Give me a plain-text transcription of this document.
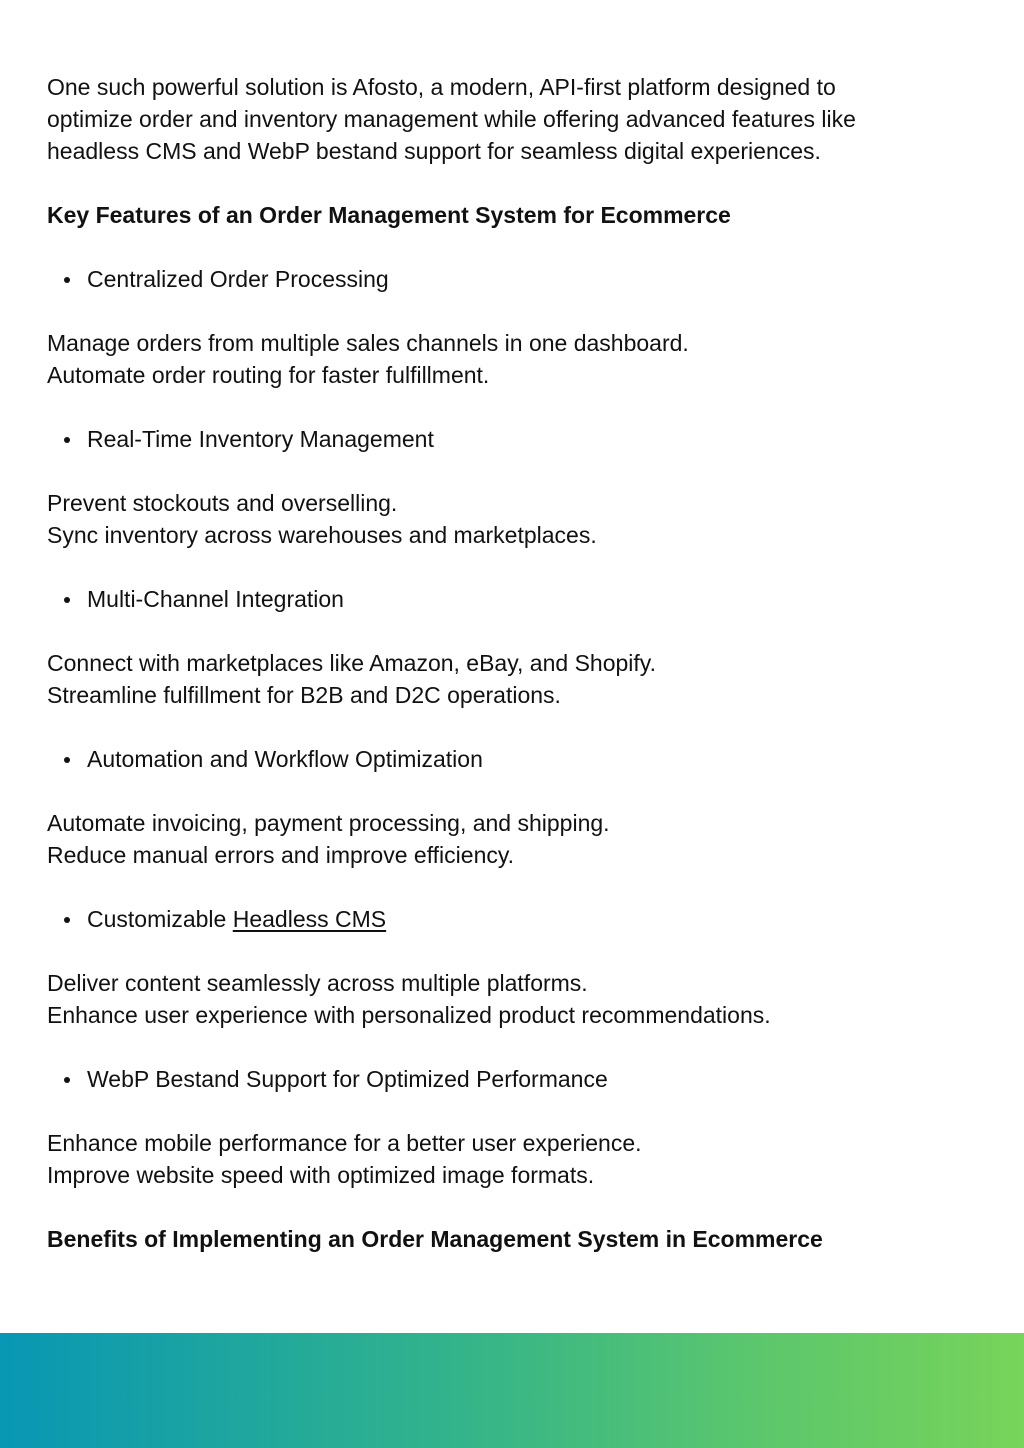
One such powerful solution is Afosto, a modern, API-first platform designed to

optimize order and inventory management while offering advanced features like

headless CMS and WebP bestand support for seamless digital experiences.

Key Features of an Order Management System for Ecommerce
Centralized Order Processing

Manage orders from multiple sales channels in one dashboard.

Automate order routing for faster fulfillment.

Real-Time Inventory Management

Prevent stockouts and overselling.

Sync inventory across warehouses and marketplaces.

Multi-Channel Integration

Connect with marketplaces like Amazon, eBay, and Shopify.

Streamline fulfillment for B2B and D2C operations.

Automation and Workflow Optimization

Automate invoicing, payment processing, and shipping.

Reduce manual errors and improve efficiency.

Customizable Headless CMS

Deliver content seamlessly across multiple platforms.

Enhance user experience with personalized product recommendations.

WebP Bestand Support for Optimized Performance

Enhance mobile performance for a better user experience.

Improve website speed with optimized image formats.

Benefits of Implementing an Order Management System in Ecommerce
